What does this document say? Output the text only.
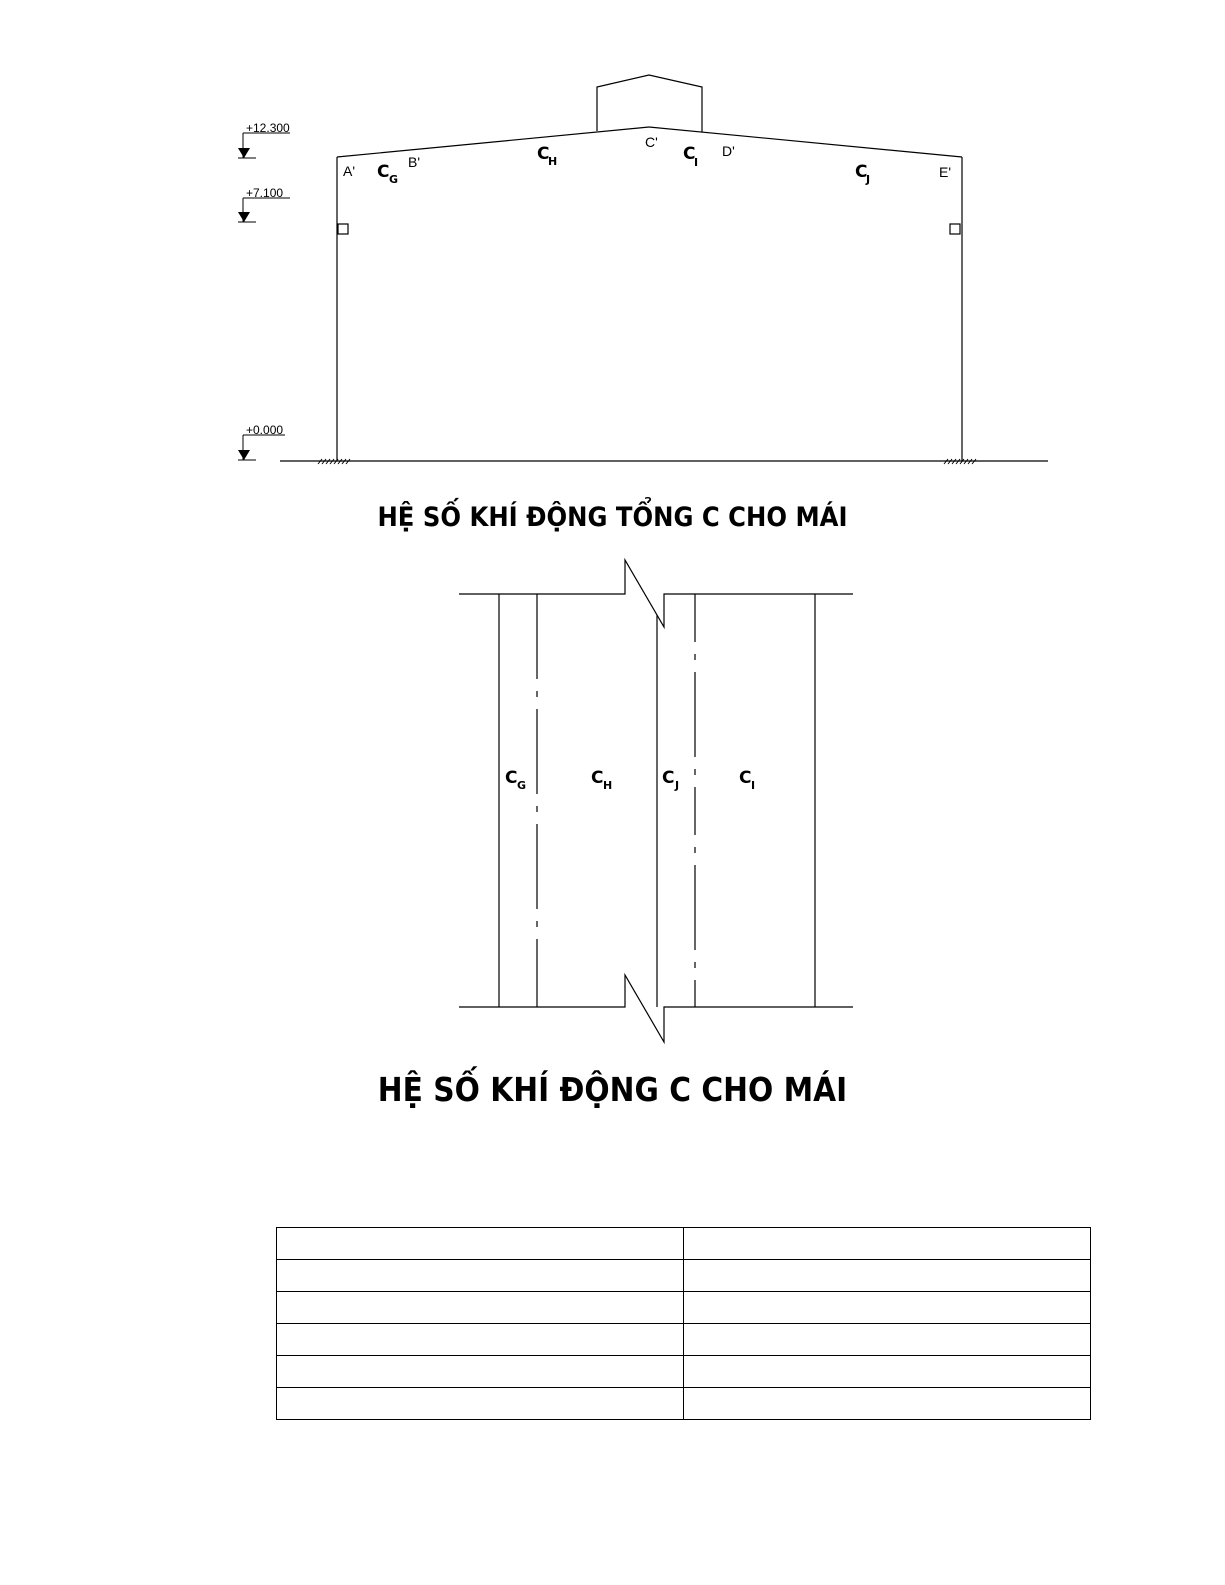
+12.300
+7.100
+0.000
A'
B'
C'
D'
E'
C G
C
H	C
I	C
J
C G	C H	C J	C I
HỆ SỐ KHÍ ĐỘNG TỔNG C CHO MÁI
HỆ SỐ KHÍ ĐỘNG C CHO MÁI
